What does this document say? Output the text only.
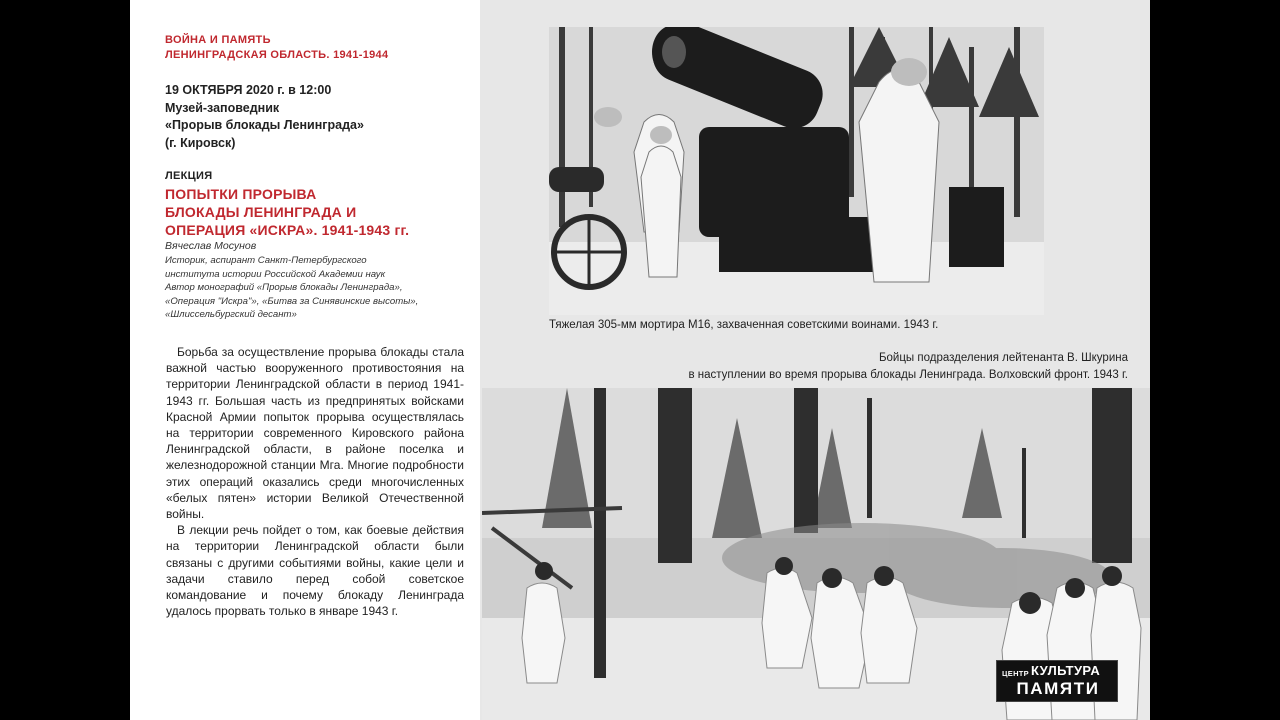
ВОЙНА И ПАМЯТЬ
ЛЕНИНГРАДСКАЯ ОБЛАСТЬ. 1941-1944
19 ОКТЯБРЯ 2020 г. в 12:00
Музей-заповедник
«Прорыв блокады Ленинграда»
(г. Кировск)
ЛЕКЦИЯ
ПОПЫТКИ ПРОРЫВА
БЛОКАДЫ ЛЕНИНГРАДА И
ОПЕРАЦИЯ «ИСКРА». 1941-1943 гг.
Вячеслав Мосунов
Историк, аспирант Санкт-Петербургского
института истории Российской Академии наук
Автор монографий «Прорыв блокады Ленинграда»,
«Операция "Искра"», «Битва за Синявинские высоты»,
«Шлиссельбургский десант»

Борьба за осуществление прорыва блокады стала важной частью вооруженного противостояния на территории Ленинградской области в период 1941-1943 гг. Большая часть из предпринятых войсками Красной Армии попыток прорыва осуществлялась на территории современного Кировского района Ленинградской области, в районе поселка и железнодорожной станции Мга. Многие подробности этих операций оказались среди многочисленных «белых пятен» истории Великой Отечественной войны.

В лекции речь пойдет о том, как боевые действия на территории Ленинградской области были связаны с другими событиями войны, какие цели и задачи ставило перед собой советское командование и почему блокаду Ленинграда удалось прорвать только в январе 1943 г.

Тяжелая 305-мм мортира М16, захваченная советскими воинами. 1943 г.
Бойцы подразделения лейтенанта В. Шкурина
в наступлении во время прорыва блокады Ленинграда. Волховский фронт. 1943 г.
ЦЕНТР КУЛЬТУРА
ПАМЯТИ
